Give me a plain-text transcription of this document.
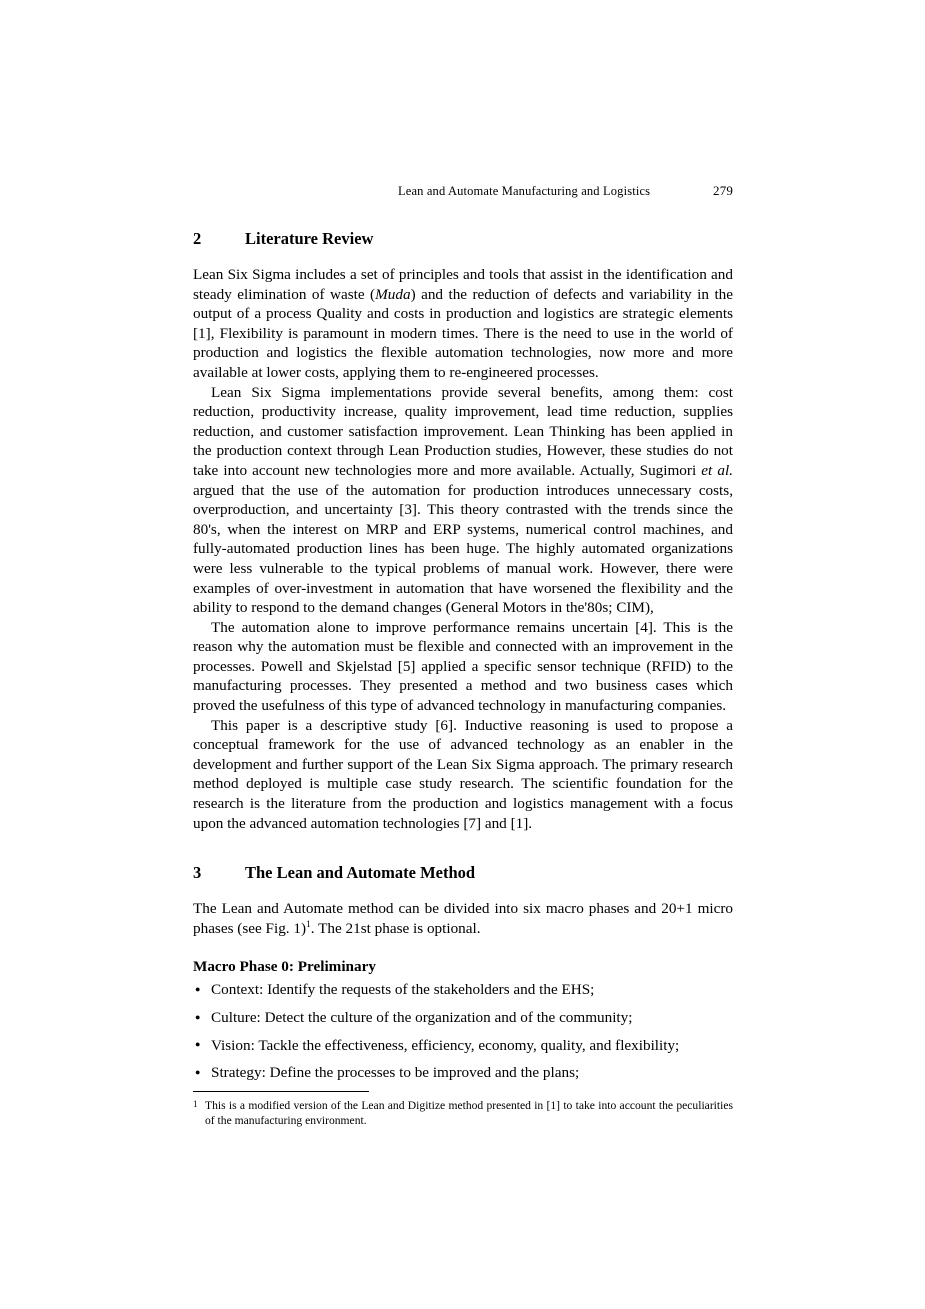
Lean and Automate Manufacturing and Logistics	279
2	Literature Review

Lean Six Sigma includes a set of principles and tools that assist in the identification and steady elimination of waste (Muda) and the reduction of defects and variability in the output of a process Quality and costs in production and logistics are strategic elements [1], Flexibility is paramount in modern times. There is the need to use in the world of production and logistics the flexible automation technologies, now more and more available at lower costs, applying them to re-engineered processes.

Lean Six Sigma implementations provide several benefits, among them: cost reduction, productivity increase, quality improvement, lead time reduction, supplies reduction, and customer satisfaction improvement. Lean Thinking has been applied in the production context through Lean Production studies, However, these studies do not take into account new technologies more and more available. Actually, Sugimori et al. argued that the use of the automation for production introduces unnecessary costs, overproduction, and uncertainty [3]. This theory contrasted with the trends since the 80's, when the interest on MRP and ERP systems, numerical control machines, and fully-automated production lines has been huge. The highly automated organizations were less vulnerable to the typical problems of manual work. However, there were examples of over-investment in automation that have worsened the flexibility and the ability to respond to the demand changes (General Motors in the'80s; CIM),

The automation alone to improve performance remains uncertain [4]. This is the reason why the automation must be flexible and connected with an improvement in the processes. Powell and Skjelstad [5] applied a specific sensor technique (RFID) to the manufacturing processes. They presented a method and two business cases which proved the usefulness of this type of advanced technology in manufacturing companies.

This paper is a descriptive study [6]. Inductive reasoning is used to propose a conceptual framework for the use of advanced technology as an enabler in the development and further support of the Lean Six Sigma approach. The primary research method deployed is multiple case study research. The scientific foundation for the research is the literature from the production and logistics management with a focus upon the advanced automation technologies [7] and [1].

3	The Lean and Automate Method

The Lean and Automate method can be divided into six macro phases and 20+1 micro phases (see Fig. 1)$^1$. The 21st phase is optional.

Macro Phase 0: Preliminary
● Context: Identify the requests of the stakeholders and the EHS;
● Culture: Detect the culture of the organization and of the community;
● Vision: Tackle the effectiveness, efficiency, economy, quality, and flexibility;
● Strategy: Define the processes to be improved and the plans;
1 This is a modified version of the Lean and Digitize method presented in [1] to take into account the peculiarities of the manufacturing environment.
